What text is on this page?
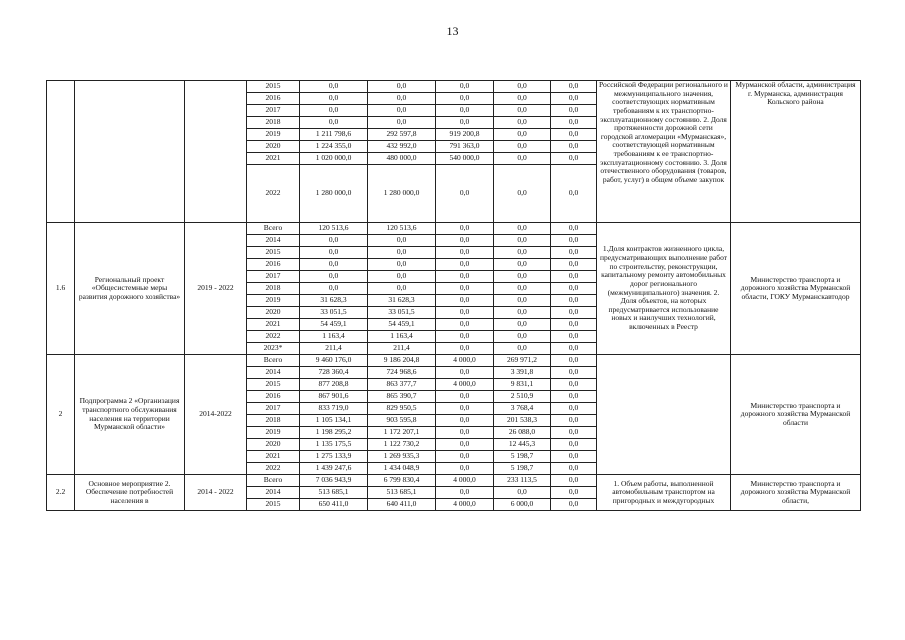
13
			2015	0,0	0,0	0,0	0,0	0,0	Российской Федерации регионального и межмуниципального значения, соответствующих нормативным требованиям к их транспортно-эксплуатационному состоянию. 2. Доля протяженности дорожной сети городской агломерации «Мурманская», соответствующей нормативным требованиям к ее транспортно-эксплуатационному состоянию. 3. Доля отечественного оборудования (товаров, работ, услуг) в общем объеме закупок	Мурманской области, администрация г. Мурманска, администрация Кольского района
			2016	0,0	0,0	0,0	0,0	0,0		
			2017	0,0	0,0	0,0	0,0	0,0		
			2018	0,0	0,0	0,0	0,0	0,0		
			2019	1 211 798,6	292 597,8	919 200,8	0,0	0,0		
			2020	1 224 355,0	432 992,0	791 363,0	0,0	0,0		
			2021	1 020 000,0	480 000,0	540 000,0	0,0	0,0		
			2022	1 280 000,0	1 280 000,0	0,0	0,0	0,0		
1.6	Региональный проект «Общесистемные меры развития дорожного хозяйства»	2019 - 2022	Всего	120 513,6	120 513,6	0,0	0,0	0,0	1.Доля контрактов жизненного цикла, предусматривающих выполнение работ по строительству, реконструкции, капитальному ремонту автомобильных дорог регионального (межмуниципального) значения. 2. Доля объектов, на которых предусматривается использование новых и наилучших технологий, включенных в Реестр	Министерство транспорта и дорожного хозяйства Мурманской области, ГОКУ Мурманскавтодор
			2014	0,0	0,0	0,0	0,0	0,0		
			2015	0,0	0,0	0,0	0,0	0,0		
			2016	0,0	0,0	0,0	0,0	0,0		
			2017	0,0	0,0	0,0	0,0	0,0		
			2018	0,0	0,0	0,0	0,0	0,0		
			2019	31 628,3	31 628,3	0,0	0,0	0,0		
			2020	33 051,5	33 051,5	0,0	0,0	0,0		
			2021	54 459,1	54 459,1	0,0	0,0	0,0		
			2022	1 163,4	1 163,4	0,0	0,0	0,0		
			2023*	211,4	211,4	0,0	0,0	0,0		
2	Подпрограмма 2 «Организация транспортного обслуживания населения на территории Мурманской области»	2014-2022	Всего	9 460 176,0	9 186 204,8	4 000,0	269 971,2	0,0		Министерство транспорта и дорожного хозяйства Мурманской области
			2014	728 360,4	724 968,6	0,0	3 391,8	0,0		
			2015	877 208,8	863 377,7	4 000,0	9 831,1	0,0		
			2016	867 901,6	865 390,7	0,0	2 510,9	0,0		
			2017	833 719,0	829 950,5	0,0	3 768,4	0,0		
			2018	1 105 134,1	903 595,8	0,0	201 538,3	0,0		
			2019	1 198 295,2	1 172 207,1	0,0	26 088,0	0,0		
			2020	1 135 175,5	1 122 730,2	0,0	12 445,3	0,0		
			2021	1 275 133,9	1 269 935,3	0,0	5 198,7	0,0		
			2022	1 439 247,6	1 434 048,9	0,0	5 198,7	0,0		
2.2	Основное мероприятие 2. Обеспечение потребностей населения в	2014 - 2022	Всего	7 036 943,9	6 799 830,4	4 000,0	233 113,5	0,0	1. Объем работы, выполненной автомобильным транспортом на пригородных и междугородных	Министерство транспорта и дорожного хозяйства Мурманской области,
			2014	513 685,1	513 685,1	0,0	0,0	0,0		
			2015	650 411,0	640 411,0	4 000,0	6 000,0	0,0		
